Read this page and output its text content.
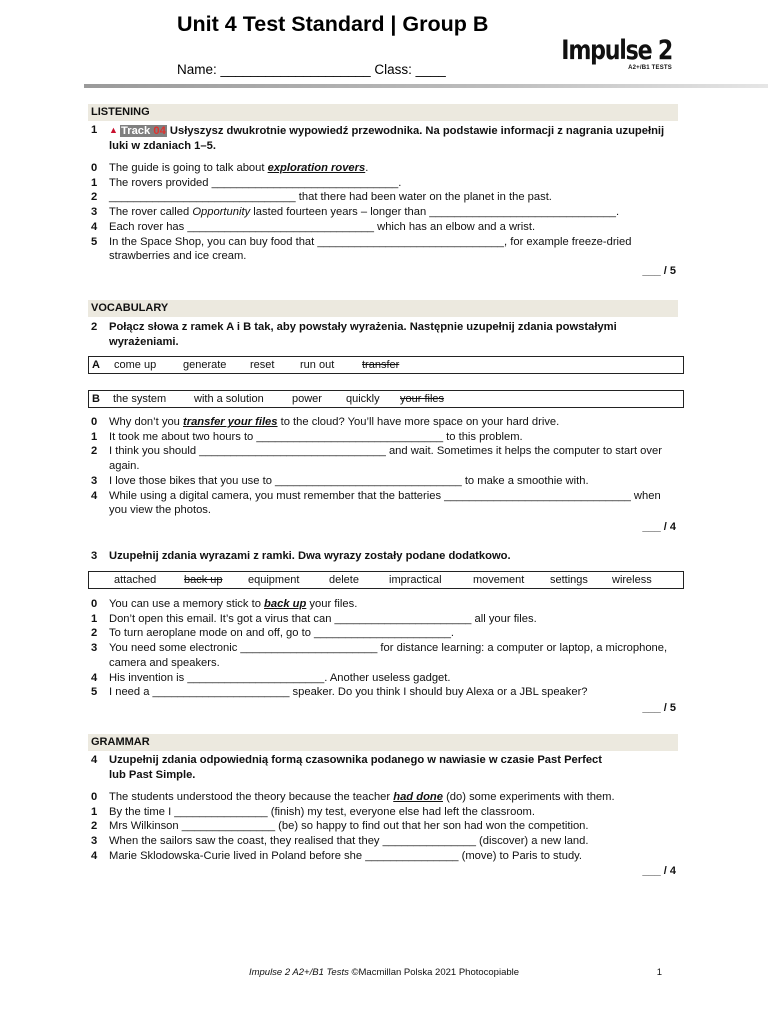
Unit 4 Test Standard | Group B
Name: ____________________ Class: ____
Impulse 2
A2+/B1 TESTS
LISTENING
1 ▲ Track 04 Usłyszysz dwukrotnie wypowiedź przewodnika. Na podstawie informacji z nagrania uzupełnij luki w zdaniach 1–5.
0 The guide is going to talk about exploration rovers.
1 The rovers provided ______________________________.
2 ______________________________ that there had been water on the planet in the past.
3 The rover called Opportunity lasted fourteen years – longer than ______________________________.
4 Each rover has ______________________________ which has an elbow and a wrist.
5 In the Space Shop, you can buy food that ______________________________, for example freeze-dried strawberries and ice cream.
___ / 5
VOCABULARY
2 Połącz słowa z ramek A i B tak, aby powstały wyrażenia. Następnie uzupełnij zdania powstałymi wyrażeniami.
A come up generate reset run out	transfer
B the system	with a solution	power quickly your files
0 Why don’t you transfer your files to the cloud? You’ll have more space on your hard drive.
1 It took me about two hours to ______________________________ to this problem.
2 I think you should ______________________________ and wait. Sometimes it helps the computer to start over again.
3 I love those bikes that you use to ______________________________ to make a smoothie with.
4 While using a digital camera, you must remember that the batteries ______________________________ when you view the photos.
___ / 4
3 Uzupełnij zdania wyrazami z ramki. Dwa wyrazy zostały podane dodatkowo.
attached	back up equipment	delete	impractical	movement settings wireless
0 You can use a memory stick to back up your files.
1 Don’t open this email. It’s got a virus that can ______________________ all your files.
2 To turn aeroplane mode on and off, go to ______________________.
3 You need some electronic ______________________ for distance learning: a computer or laptop, a microphone, camera and speakers.
4 His invention is ______________________. Another useless gadget.
5 I need a ______________________ speaker. Do you think I should buy Alexa or a JBL speaker?
___ / 5
GRAMMAR
4 Uzupełnij zdania odpowiednią formą czasownika podanego w nawiasie w czasie Past Perfect lub Past Simple.
0 The students understood the theory because the teacher had done (do) some experiments with them.
1 By the time I _______________ (finish) my test, everyone else had left the classroom.
2 Mrs Wilkinson _______________ (be) so happy to find out that her son had won the competition.
3 When the sailors saw the coast, they realised that they _______________ (discover) a new land.
4 Marie Sklodowska-Curie lived in Poland before she _______________ (move) to Paris to study.
___ / 4
Impulse 2 A2+/B1 Tests ©Macmillan Polska 2021 Photocopiable	1
